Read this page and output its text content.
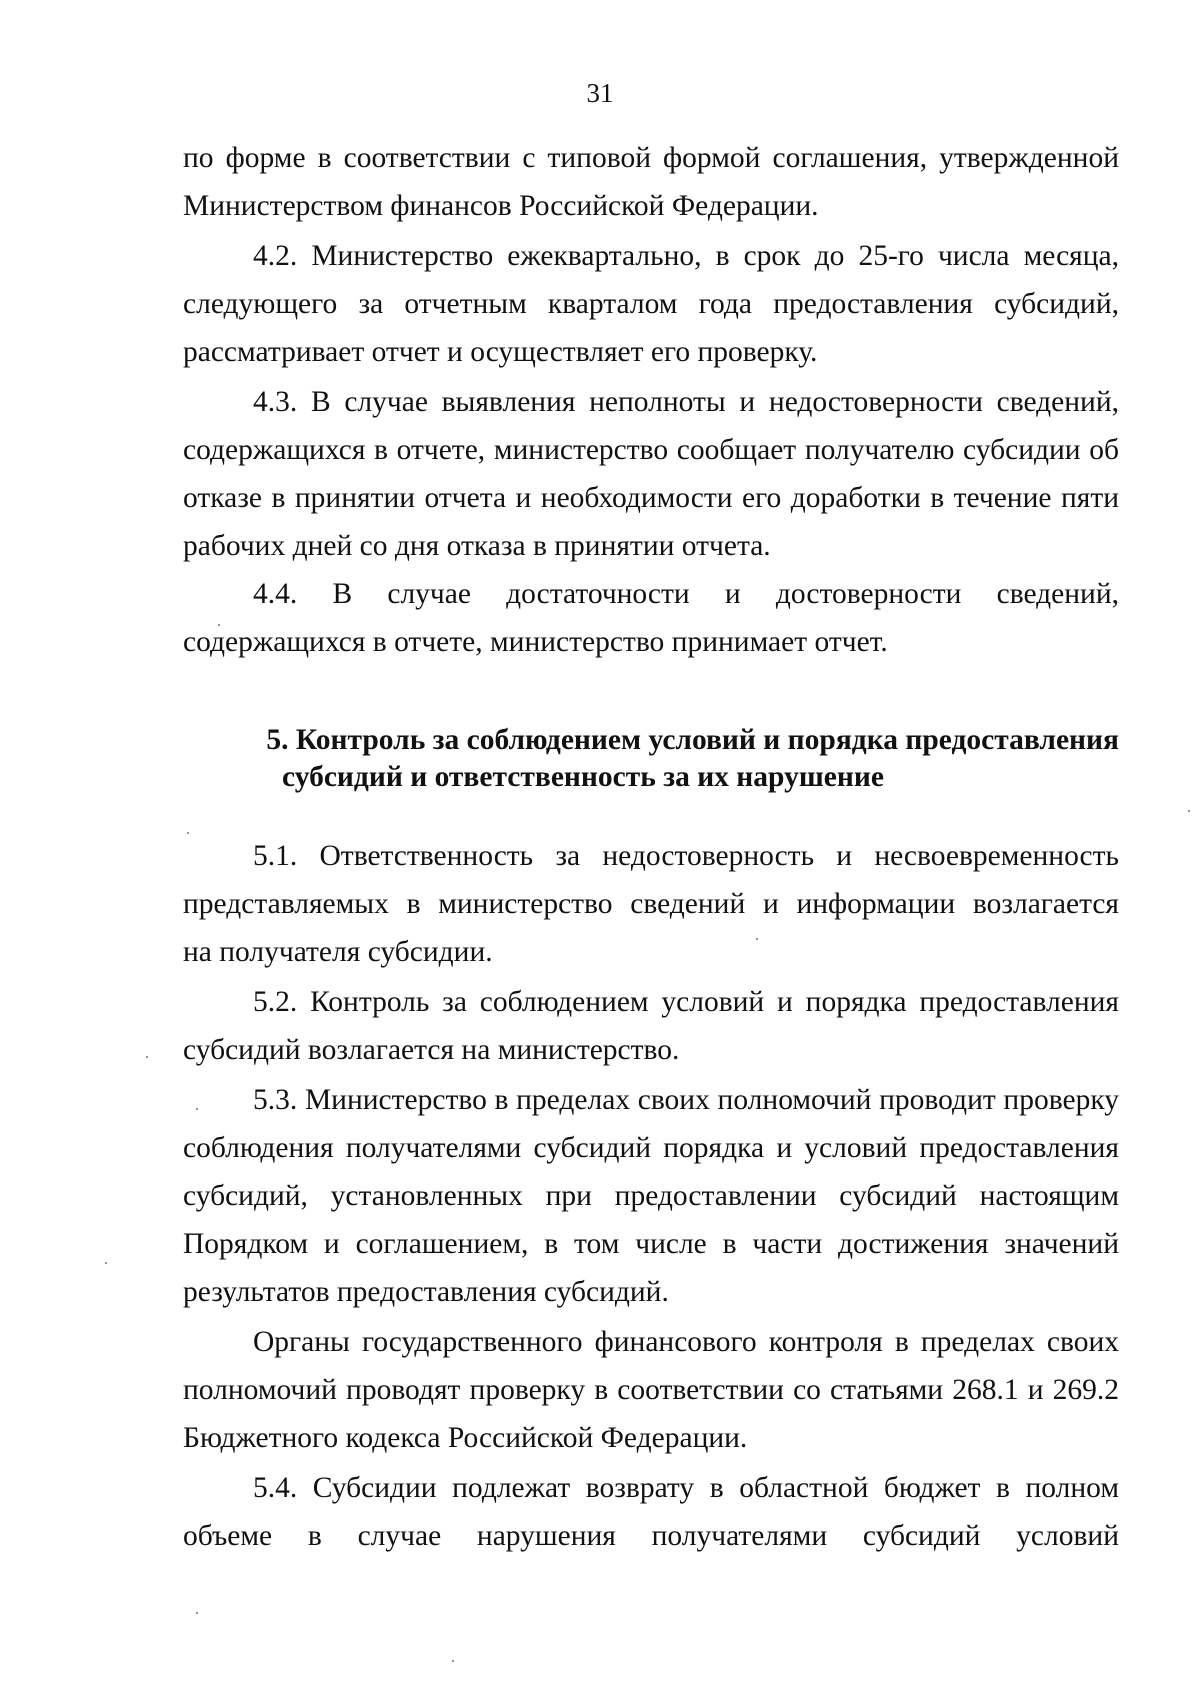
31

по форме в соответствии с типовой формой соглашения, утвержденной
Министерством финансов Российской Федерации.

4.2. Министерство ежеквартально, в срок до 25-го числа месяца,
следующего за отчетным кварталом года предоставления субсидий,
рассматривает отчет и осуществляет его проверку.

4.3. В случае выявления неполноты и недостоверности сведений,
содержащихся в отчете, министерство сообщает получателю субсидии об
отказе в принятии отчета и необходимости его доработки в течение пяти
рабочих дней со дня отказа в принятии отчета.

4.4. В случае достаточности и достоверности сведений,
содержащихся в отчете, министерство принимает отчет.

5. Контроль за соблюдением условий и порядка предоставления
субсидий и ответственность за их нарушение

5.1. Ответственность за недостоверность и несвоевременность
представляемых в министерство сведений и информации возлагается
на получателя субсидии.

5.2. Контроль за соблюдением условий и порядка предоставления
субсидий возлагается на министерство.

5.3. Министерство в пределах своих полномочий проводит проверку
соблюдения получателями субсидий порядка и условий предоставления
субсидий, установленных при предоставлении субсидий настоящим
Порядком и соглашением, в том числе в части достижения значений
результатов предоставления субсидий.

Органы государственного финансового контроля в пределах своих
полномочий проводят проверку в соответствии со статьями 268.1 и 269.2
Бюджетного кодекса Российской Федерации.

5.4. Субсидии подлежат возврату в областной бюджет в полном
объеме в случае нарушения получателями субсидий условий
